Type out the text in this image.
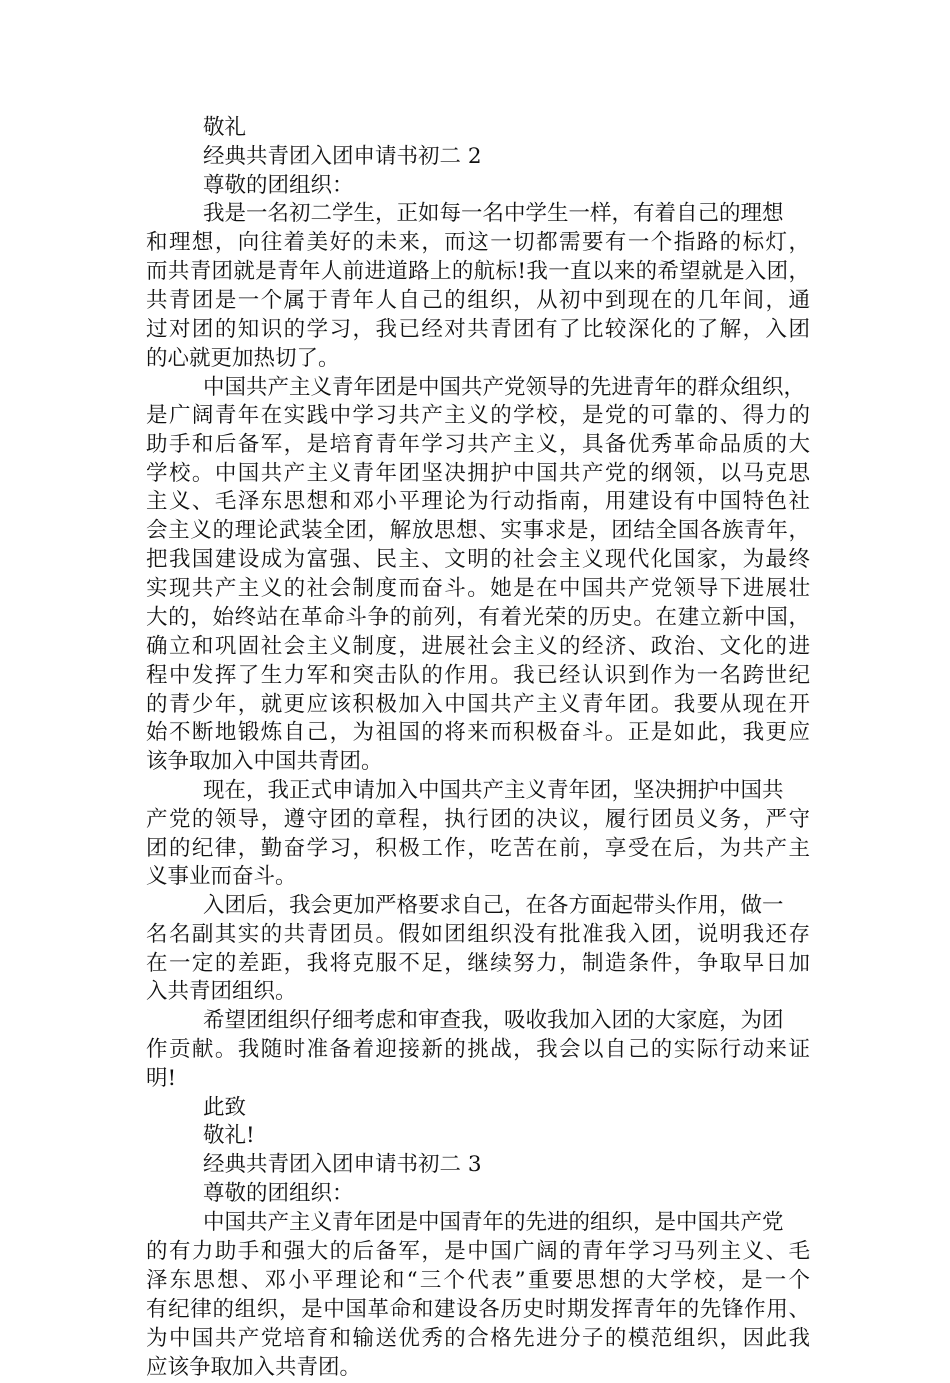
敬礼
经典共青团入团申请书初二 2
尊敬的团组织：
我是一名初二学生，正如每一名中学生一样，有着自己的理想
和理想，向往着美好的未来，而这一切都需要有一个指路的标灯，
而共青团就是青年人前进道路上的航标!我一直以来的希望就是入团，
共青团是一个属于青年人自己的组织，从初中到现在的几年间，通
过对团的知识的学习，我已经对共青团有了比较深化的了解，入团
的心就更加热切了。
中国共产主义青年团是中国共产党领导的先进青年的群众组织，
是广阔青年在实践中学习共产主义的学校，是党的可靠的、得力的
助手和后备军，是培育青年学习共产主义，具备优秀革命品质的大
学校。中国共产主义青年团坚决拥护中国共产党的纲领，以马克思
主义、毛泽东思想和邓小平理论为行动指南，用建设有中国特色社
会主义的理论武装全团，解放思想、实事求是，团结全国各族青年，
把我国建设成为富强、民主、文明的社会主义现代化国家，为最终
实现共产主义的社会制度而奋斗。她是在中国共产党领导下进展壮
大的，始终站在革命斗争的前列，有着光荣的历史。在建立新中国，
确立和巩固社会主义制度，进展社会主义的经济、政治、文化的进
程中发挥了生力军和突击队的作用。我已经认识到作为一名跨世纪
的青少年，就更应该积极加入中国共产主义青年团。我要从现在开
始不断地锻炼自己，为祖国的将来而积极奋斗。正是如此，我更应
该争取加入中国共青团。
现在，我正式申请加入中国共产主义青年团，坚决拥护中国共
产党的领导，遵守团的章程，执行团的决议，履行团员义务，严守
团的纪律，勤奋学习，积极工作，吃苦在前，享受在后，为共产主
义事业而奋斗。
入团后，我会更加严格要求自己，在各方面起带头作用，做一
名名副其实的共青团员。假如团组织没有批准我入团，说明我还存
在一定的差距，我将克服不足，继续努力，制造条件，争取早日加
入共青团组织。
希望团组织仔细考虑和审查我，吸收我加入团的大家庭，为团
作贡献。我随时准备着迎接新的挑战，我会以自己的实际行动来证
明!
此致
敬礼!
经典共青团入团申请书初二 3
尊敬的团组织：
中国共产主义青年团是中国青年的先进的组织，是中国共产党
的有力助手和强大的后备军，是中国广阔的青年学习马列主义、毛
泽东思想、邓小平理论和“三个代表”重要思想的大学校，是一个
有纪律的组织，是中国革命和建设各历史时期发挥青年的先锋作用、
为中国共产党培育和输送优秀的合格先进分子的模范组织，因此我
应该争取加入共青团。
